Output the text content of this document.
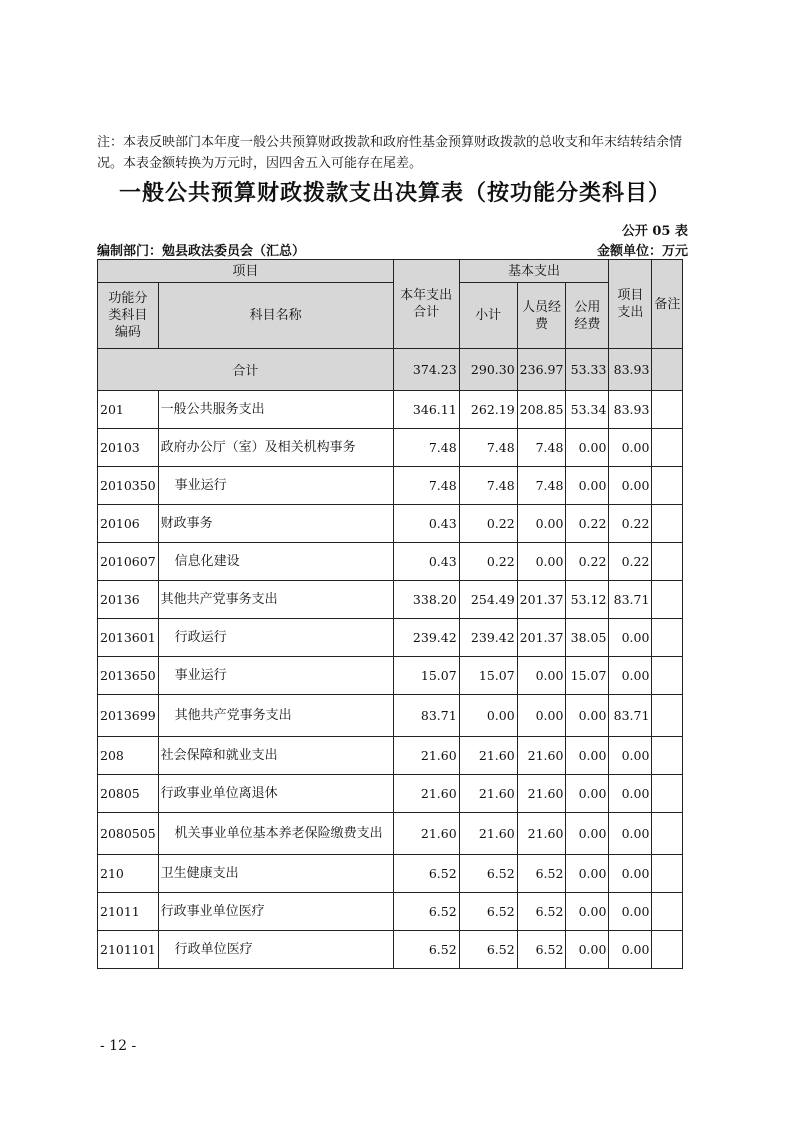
注：本表反映部门本年度一般公共预算财政拨款和政府性基金预算财政拨款的总收支和年末结转结余情况。本表金额转换为万元时，因四舍五入可能存在尾差。
一般公共预算财政拨款支出决算表（按功能分类科目）
公开 05 表
编制部门：勉县政法委员会（汇总）	金额单位：万元
项目		本年支出合计	基本支出			项目支出	备注
功能分类科目编码	科目名称		小计	人员经费	公用经费		
合计		374.23	290.30	236.97	53.33	83.93	
201	一般公共服务支出	346.11	262.19	208.85	53.34	83.93	
20103	政府办公厅（室）及相关机构事务	7.48	7.48	7.48	0.00	0.00	
2010350	事业运行	7.48	7.48	7.48	0.00	0.00	
20106	财政事务	0.43	0.22	0.00	0.22	0.22	
2010607	信息化建设	0.43	0.22	0.00	0.22	0.22	
20136	其他共产党事务支出	338.20	254.49	201.37	53.12	83.71	
2013601	行政运行	239.42	239.42	201.37	38.05	0.00	
2013650	事业运行	15.07	15.07	0.00	15.07	0.00	
2013699	其他共产党事务支出	83.71	0.00	0.00	0.00	83.71	
208	社会保障和就业支出	21.60	21.60	21.60	0.00	0.00	
20805	行政事业单位离退休	21.60	21.60	21.60	0.00	0.00	
2080505	机关事业单位基本养老保险缴费支出	21.60	21.60	21.60	0.00	0.00	
210	卫生健康支出	6.52	6.52	6.52	0.00	0.00	
21011	行政事业单位医疗	6.52	6.52	6.52	0.00	0.00	
2101101	行政单位医疗	6.52	6.52	6.52	0.00	0.00	
- 12 -
